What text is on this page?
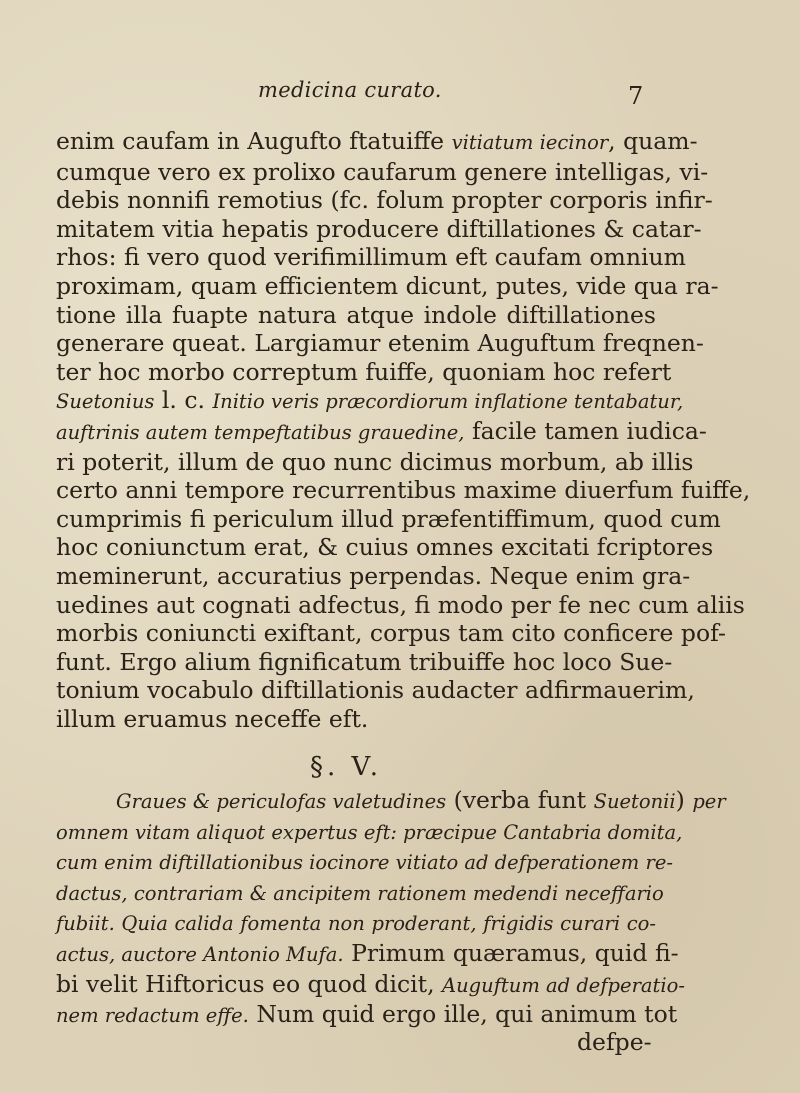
medicina curato.	7
enim caufam in Augufto ftatuiffe vitiatum iecinor, quam-
cumque vero ex prolixo caufarum genere intelligas, vi-
debis nonnifi remotius (fc. folum propter corporis infir-
mitatem vitia hepatis producere diftillationes & catar-
rhos: fi vero quod verifimillimum eft caufam omnium
proximam, quam efficientem dicunt, putes, vide qua ra-
tione illa fuapte natura atque indole diftillationes
generare queat. Largiamur etenim Auguftum freqnen-
ter hoc morbo correptum fuiffe, quoniam hoc refert
Suetonius l. c. Initio veris præcordiorum inflatione tentabatur,
auftrinis autem tempeftatibus grauedine, facile tamen iudica-
ri poterit, illum de quo nunc dicimus morbum, ab illis
certo anni tempore recurrentibus maxime diuerfum fuiffe,
cumprimis fi periculum illud præfentiffimum, quod cum
hoc coniunctum erat, & cuius omnes excitati fcriptores
meminerunt, accuratius perpendas. Neque enim gra-
uedines aut cognati adfectus, fi modo per fe nec cum aliis
morbis coniuncti exiftant, corpus tam cito conficere pof-
funt. Ergo alium fignificatum tribuiffe hoc loco Sue-
tonium vocabulo diftillationis audacter adfirmauerim,
illum eruamus neceffe eft.
§. V.
Graues & periculofas valetudines (verba funt Suetonii) per
omnem vitam aliquot expertus eft: præcipue Cantabria domita,
cum enim diftillationibus iocinore vitiato ad defperationem re-
dactus, contrariam & ancipitem rationem medendi neceffario
fubiit. Quia calida fomenta non proderant, frigidis curari co-
actus, auctore Antonio Mufa. Primum quæramus, quid fi-
bi velit Hiftoricus eo quod dicit, Auguftum ad defperatio-
nem redactum effe. Num quid ergo ille, qui animum tot
defpe-
